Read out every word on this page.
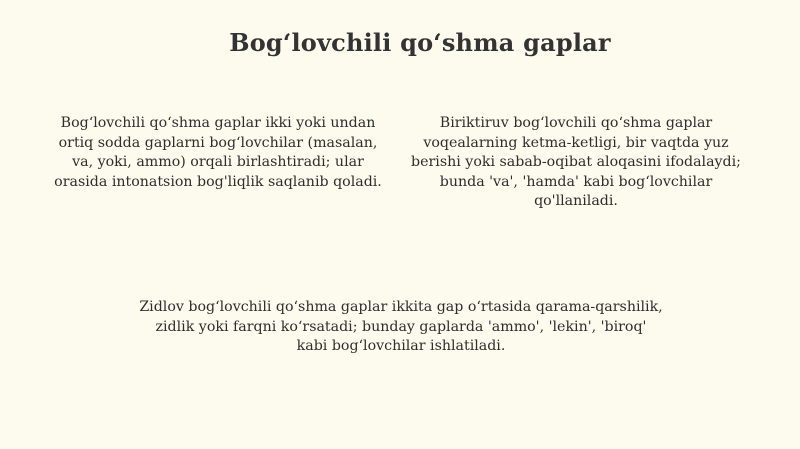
Bog‘lovchili qo‘shma gaplar

Bog‘lovchili qo‘shma gaplar ikki yoki undan ortiq sodda gaplarni bog‘lovchilar (masalan, va, yoki, ammo) orqali birlashtiradi; ular orasida intonatsion bog'liqlik saqlanib qoladi.

Biriktiruv bog‘lovchili qo‘shma gaplar voqealarning ketma-ketligi, bir vaqtda yuz berishi yoki sabab-oqibat aloqasini ifodalaydi; bunda 'va', 'hamda' kabi bog‘lovchilar qo'llaniladi.

Zidlov bog‘lovchili qo‘shma gaplar ikkita gap o‘rtasida qarama-qarshilik, zidlik yoki farqni ko‘rsatadi; bunday gaplarda 'ammo', 'lekin', 'biroq' kabi bog‘lovchilar ishlatiladi.
